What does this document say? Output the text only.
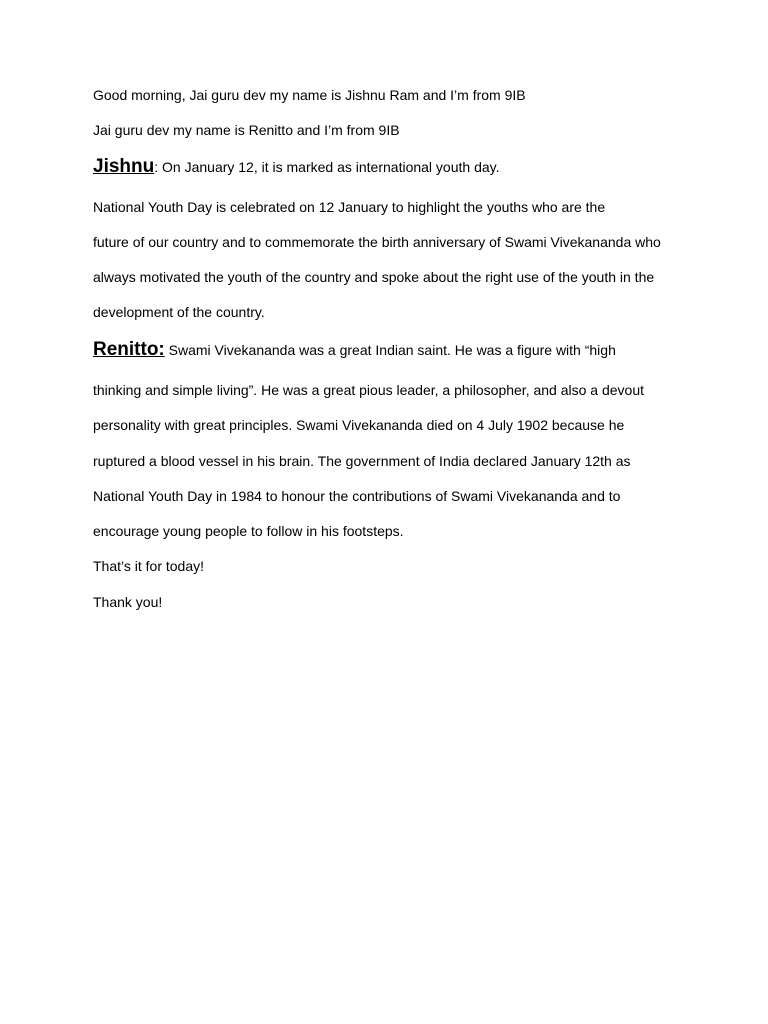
Good morning, Jai guru dev my name is Jishnu Ram and I’m from 9IB
Jai guru dev my name is Renitto and I’m from 9IB
Jishnu: On January 12, it is marked as international youth day.
National Youth Day is celebrated on 12 January to highlight the youths who are the
future of our country and to commemorate the birth anniversary of Swami Vivekananda who
always motivated the youth of the country and spoke about the right use of the youth in the
development of the country.
Renitto: Swami Vivekananda was a great Indian saint. He was a figure with “high
thinking and simple living”. He was a great pious leader, a philosopher, and also a devout
personality with great principles. Swami Vivekananda died on 4 July 1902 because he
ruptured a blood vessel in his brain. The government of India declared January 12th as
National Youth Day in 1984 to honour the contributions of Swami Vivekananda and to
encourage young people to follow in his footsteps.
That’s it for today!
Thank you!
